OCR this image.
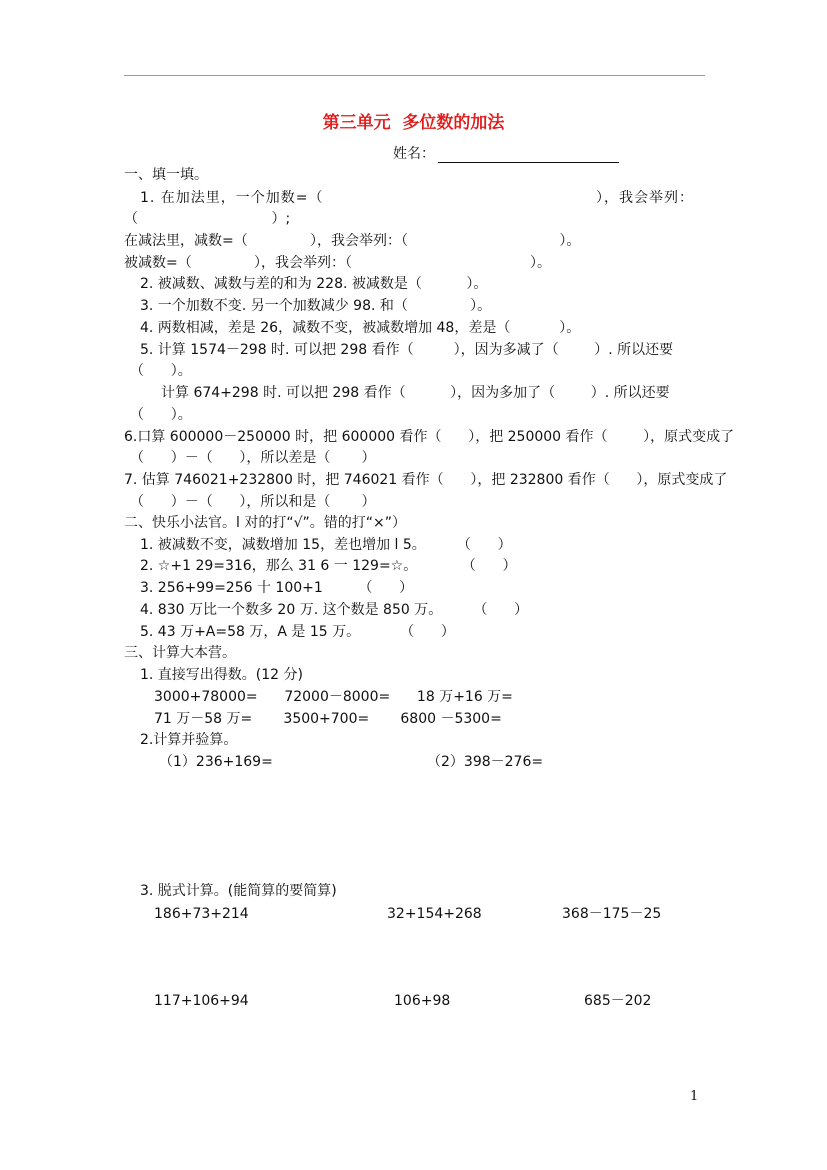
第三单元  多位数的加法
姓名：
一、填一填。
1. 在加法里，一个加数=（	），我会举列：
（                              ）;
在减法里，减数=（              ），我会举列：（                                  ）。
被减数=（              ），我会举列：（                                        ）。
2. 被减数、减数与差的和为 228. 被减数是（          ）。
3. 一个加数不变. 另一个加数减少 98. 和（              ）。
4. 两数相减，差是 26，减数不变，被减数增加 48，差是（           ）。
5. 计算 1574－298 时. 可以把 298 看作（         ），因为多减了（        ）. 所以还要
（      ）。
计算 674+298 时. 可以把 298 看作（          ），因为多加了（        ）. 所以还要
（      ）。
6.口算 600000－250000 时，把 600000 看作（      ），把 250000 看作（        ），原式变成了
（      ）－（      ），所以差是（       ）
7. 估算 746021+232800 时，把 746021 看作（      ），把 232800 看作（      ），原式变成了
（      ）－（      ），所以和是（       ）
二、快乐小法官。l 对的打“√”。错的打“×”）
1. 被减数不变，减数增加 15，差也增加 l 5。       （      ）
2. ☆+1 29=316，那么 31 6 一 129=☆。          （      ）
3. 256+99=256 十 100+1        （      ）
4. 830 万比一个数多 20 万. 这个数是 850 万。       （      ）
5. 43 万+A=58 万，A 是 15 万。         （      ）
三、计算大本营。
1. 直接写出得数。(12 分)
3000+78000=      72000－8000=      18 万+16 万=
71 万－58 万=       3500+700=       6800 －5300=
2.计算并验算。
（1）236+169=	（2）398－276=
3. 脱式计算。(能简算的要简算)
186+73+214	32+154+268	368－175－25
117+106+94	106+98	685－202
1
